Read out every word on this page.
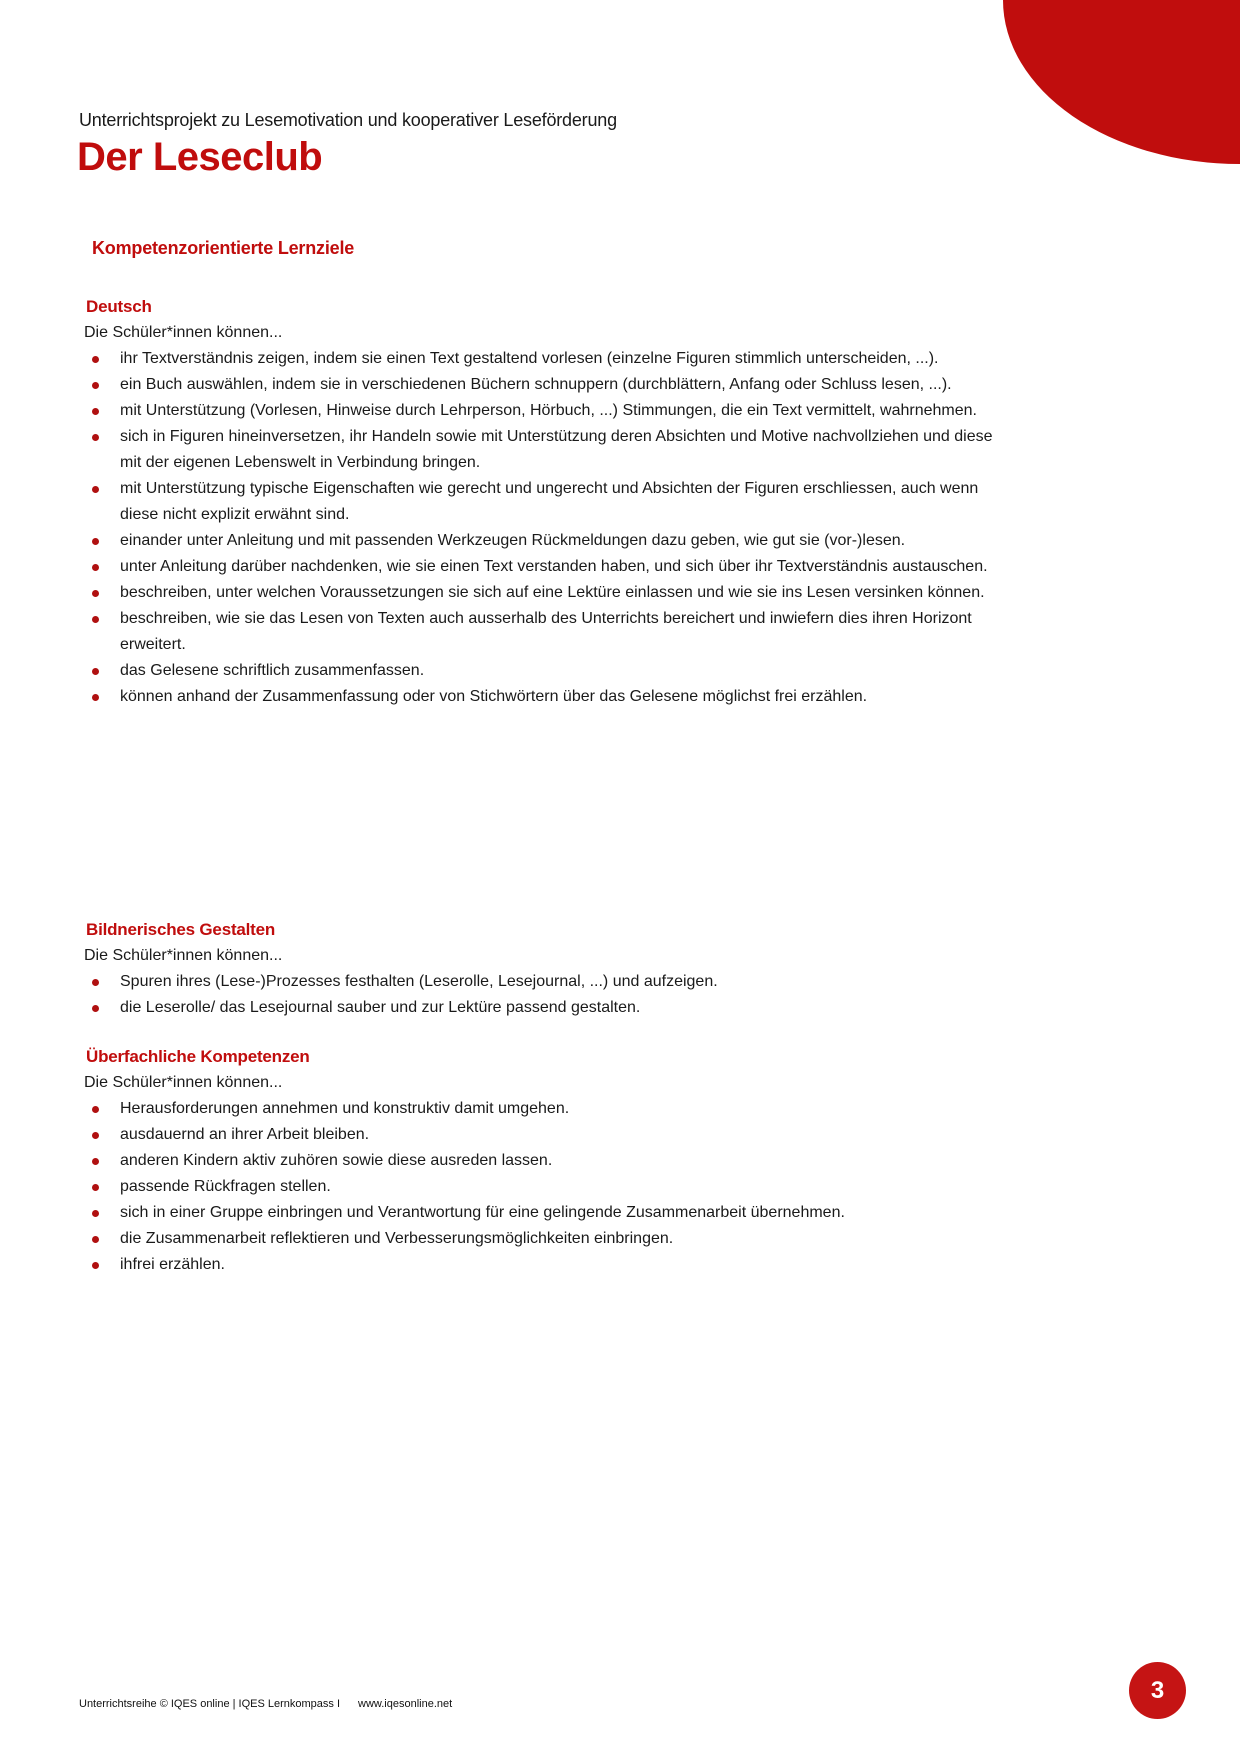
Unterrichtsprojekt zu Lesemotivation und kooperativer Leseförderung
Der Leseclub
Kompetenzorientierte Lernziele
Deutsch

Die Schüler*innen können...

ihr Textverständnis zeigen, indem sie einen Text gestaltend vorlesen (einzelne Figuren stimmlich unterscheiden, ...).
ein Buch auswählen, indem sie in verschiedenen Büchern schnuppern (durchblättern, Anfang oder Schluss lesen, ...).
mit Unterstützung (Vorlesen, Hinweise durch Lehrperson, Hörbuch, ...) Stimmungen, die ein Text vermittelt, wahrnehmen.
sich in Figuren hineinversetzen, ihr Handeln sowie mit Unterstützung deren Absichten und Motive nachvollziehen und diese mit der eigenen Lebenswelt in Verbindung bringen.
mit Unterstützung typische Eigenschaften wie gerecht und ungerecht und Absichten der Figuren erschliessen, auch wenn diese nicht explizit erwähnt sind.
einander unter Anleitung und mit passenden Werkzeugen Rückmeldungen dazu geben, wie gut sie (vor-)lesen.
unter Anleitung darüber nachdenken, wie sie einen Text verstanden haben, und sich über ihr Textverständnis austauschen.
beschreiben, unter welchen Voraussetzungen sie sich auf eine Lektüre einlassen und wie sie ins Lesen versinken können.
beschreiben, wie sie das Lesen von Texten auch ausserhalb des Unterrichts bereichert und inwiefern dies ihren Horizont erweitert.
das Gelesene schriftlich zusammenfassen.
können anhand der Zusammenfassung oder von Stichwörtern über das Gelesene möglichst frei erzählen.
Bildnerisches Gestalten

Die Schüler*innen können...

Spuren ihres (Lese-)Prozesses festhalten (Leserolle, Lesejournal, ...) und aufzeigen.
die Leserolle/ das Lesejournal sauber und zur Lektüre passend gestalten.
Überfachliche Kompetenzen

Die Schüler*innen können...

Herausforderungen annehmen und konstruktiv damit umgehen.
ausdauernd an ihrer Arbeit bleiben.
anderen Kindern aktiv zuhören sowie diese ausreden lassen.
passende Rückfragen stellen.
sich in einer Gruppe einbringen und Verantwortung für eine gelingende Zusammenarbeit übernehmen.
die Zusammenarbeit reflektieren und Verbesserungsmöglichkeiten einbringen.
ihfrei erzählen.
Unterrichtsreihe © IQES online | IQES Lernkompass I www.iqesonline.net
3
